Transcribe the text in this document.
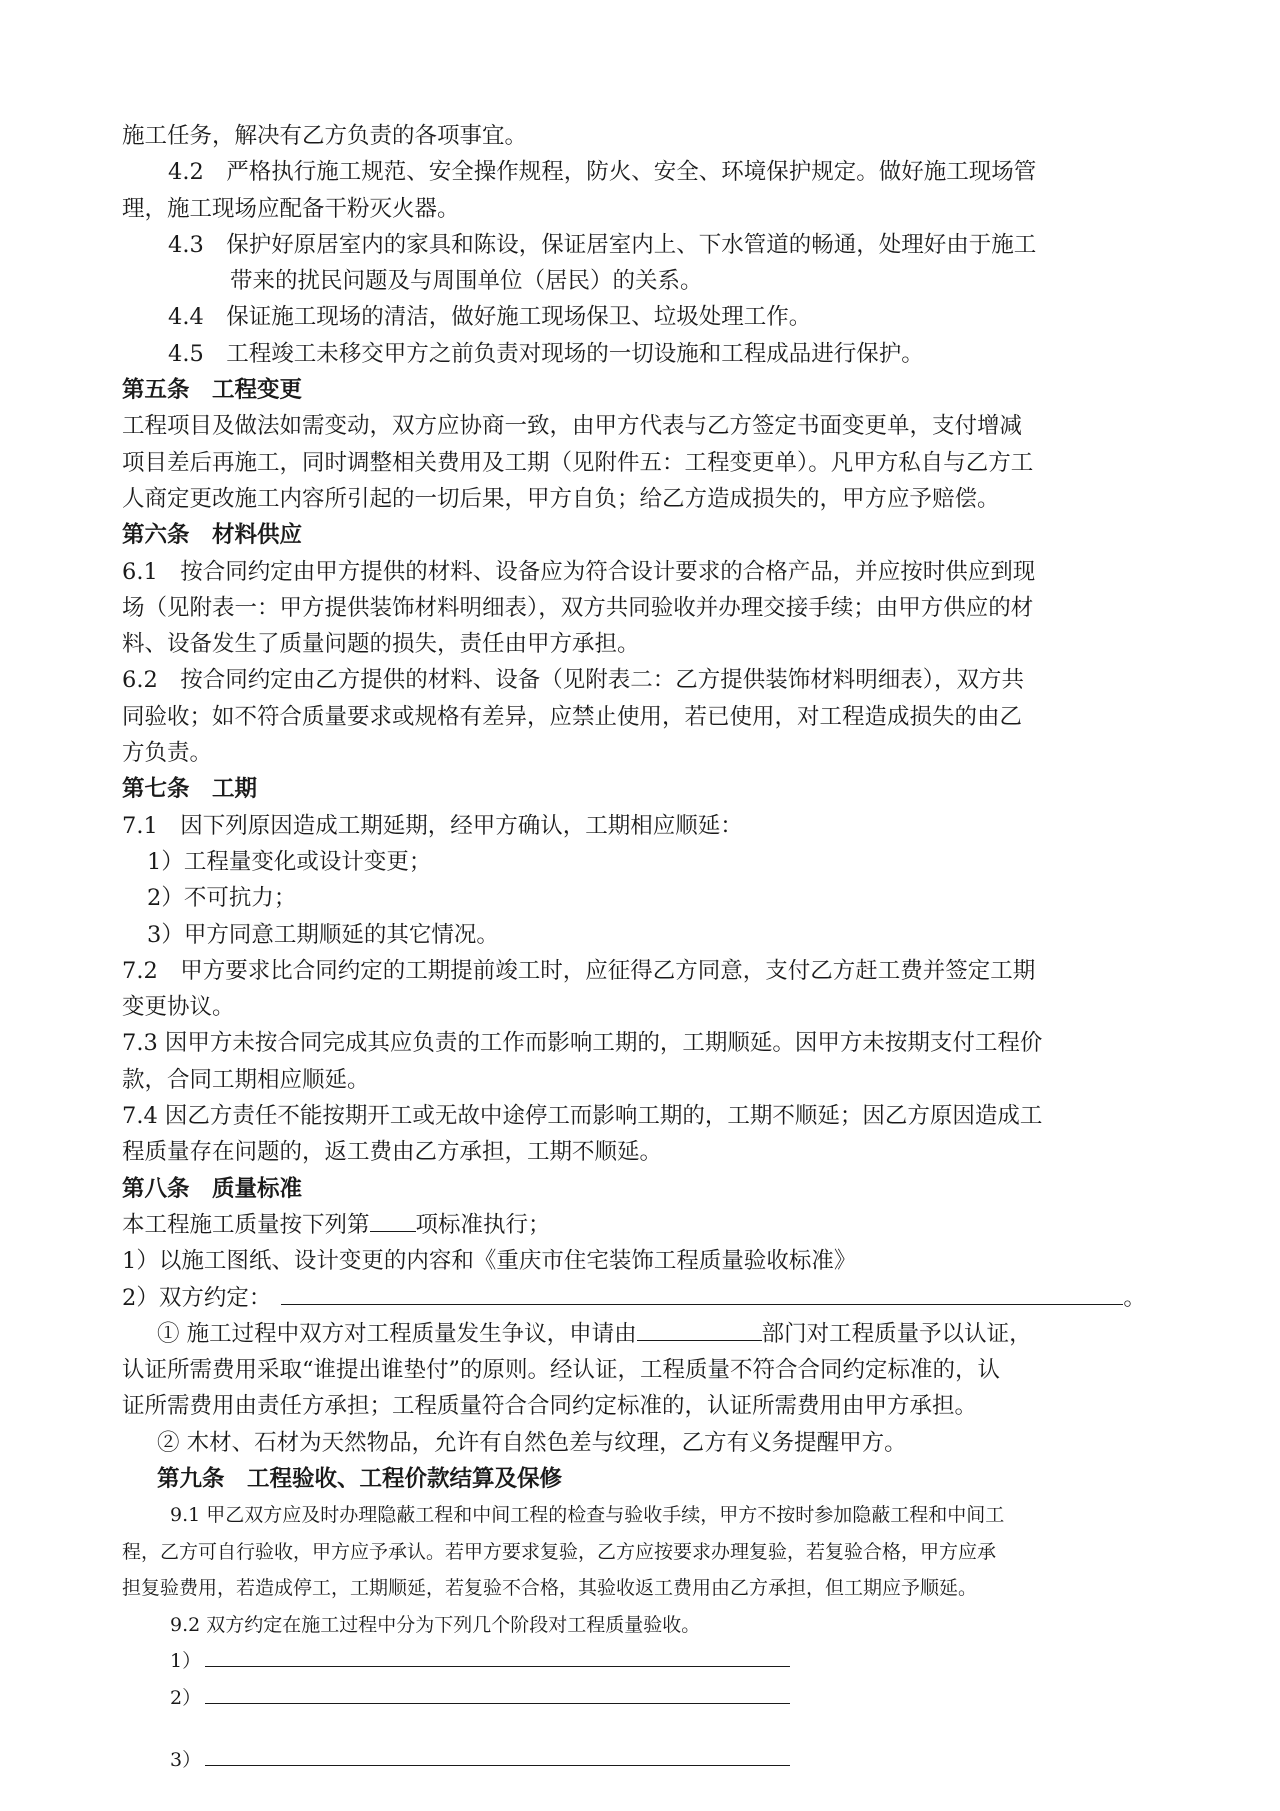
施工任务，解决有乙方负责的各项事宜。

4.2　严格执行施工规范、安全操作规程，防火、安全、环境保护规定。做好施工现场管

理，施工现场应配备干粉灭火器。

4.3　保护好原居室内的家具和陈设，保证居室内上、下水管道的畅通，处理好由于施工

带来的扰民问题及与周围单位（居民）的关系。

4.4　保证施工现场的清洁，做好施工现场保卫、垃圾处理工作。

4.5　工程竣工未移交甲方之前负责对现场的一切设施和工程成品进行保护。

第五条　工程变更

工程项目及做法如需变动，双方应协商一致，由甲方代表与乙方签定书面变更单，支付增减

项目差后再施工，同时调整相关费用及工期（见附件五：工程变更单）。凡甲方私自与乙方工

人商定更改施工内容所引起的一切后果，甲方自负；给乙方造成损失的，甲方应予赔偿。

第六条　材料供应

6.1　按合同约定由甲方提供的材料、设备应为符合设计要求的合格产品，并应按时供应到现

场（见附表一：甲方提供装饰材料明细表），双方共同验收并办理交接手续；由甲方供应的材

料、设备发生了质量问题的损失，责任由甲方承担。

6.2　按合同约定由乙方提供的材料、设备（见附表二：乙方提供装饰材料明细表），双方共

同验收；如不符合质量要求或规格有差异，应禁止使用，若已使用，对工程造成损失的由乙

方负责。

第七条　工期

7.1　因下列原因造成工期延期，经甲方确认，工期相应顺延：

1）工程量变化或设计变更；

2）不可抗力；

3）甲方同意工期顺延的其它情况。

7.2　甲方要求比合同约定的工期提前竣工时，应征得乙方同意，支付乙方赶工费并签定工期

变更协议。

7.3 因甲方未按合同完成其应负责的工作而影响工期的，工期顺延。因甲方未按期支付工程价

款，合同工期相应顺延。

7.4 因乙方责任不能按期开工或无故中途停工而影响工期的，工期不顺延；因乙方原因造成工

程质量存在问题的，返工费由乙方承担，工期不顺延。

第八条　质量标准

本工程施工质量按下列第 项标准执行；

1）以施工图纸、设计变更的内容和《重庆市住宅装饰工程质量验收标准》

2）双方约定：	。

① 施工过程中双方对工程质量发生争议，申请由	部门对工程质量予以认证，

认证所需费用采取“谁提出谁垫付”的原则。经认证，工程质量不符合合同约定标准的，认

证所需费用由责任方承担；工程质量符合合同约定标准的，认证所需费用由甲方承担。

② 木材、石材为天然物品，允许有自然色差与纹理，乙方有义务提醒甲方。

第九条　工程验收、工程价款结算及保修

9.1 甲乙双方应及时办理隐蔽工程和中间工程的检查与验收手续，甲方不按时参加隐蔽工程和中间工

程，乙方可自行验收，甲方应予承认。若甲方要求复验，乙方应按要求办理复验，若复验合格，甲方应承

担复验费用，若造成停工，工期顺延，若复验不合格，其验收返工费用由乙方承担，但工期应予顺延。

9.2 双方约定在施工过程中分为下列几个阶段对工程质量验收。

1）

2）

3）
